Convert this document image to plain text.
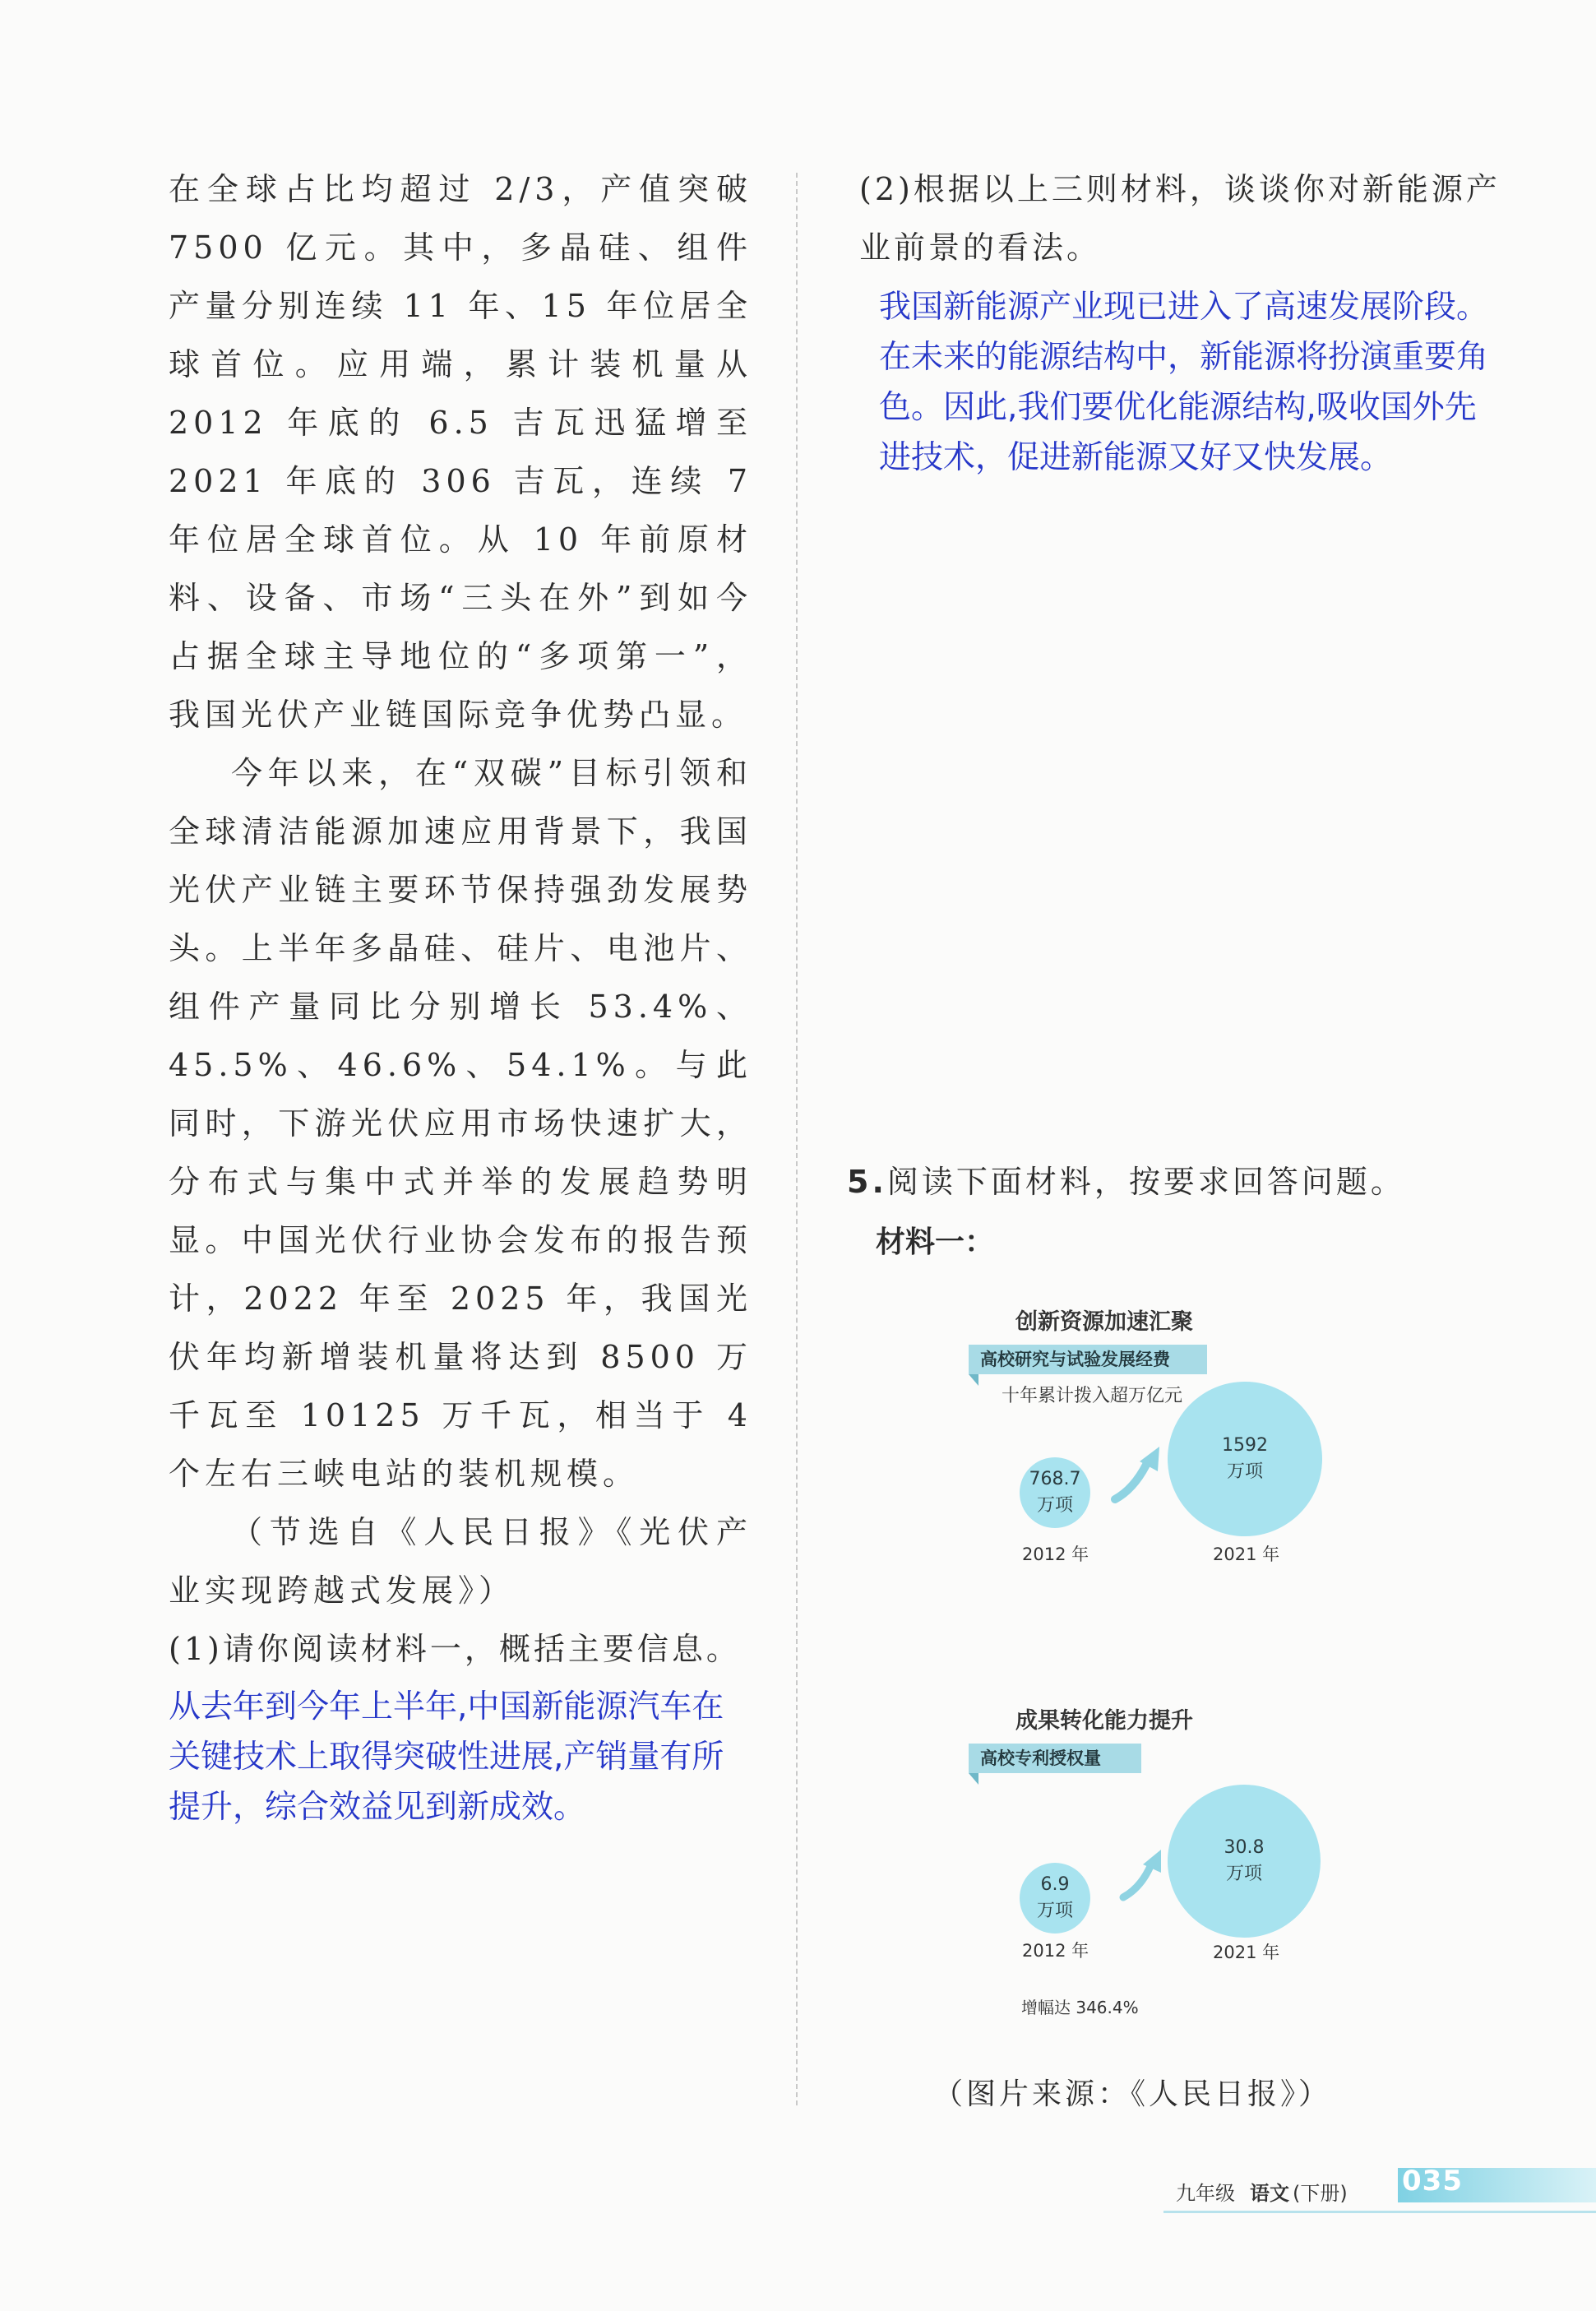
在全球占比均超过 2/3，产值突破 7500 亿元。其中，多晶硅、组件产量分别连续 11 年、15 年位居全球首位。应用端，累计装机量从 2012 年底的 6.5 吉瓦迅猛增至 2021 年底的 306 吉瓦，连续 7 年位居全球首位。从 10 年前原材料、设备、市场“三头在外”到如今占据全球主导地位的“多项第一”，我国光伏产业链国际竞争优势凸显。

今年以来，在“双碳”目标引领和全球清洁能源加速应用背景下，我国光伏产业链主要环节保持强劲发展势头。上半年多晶硅、硅片、电池片、组件产量同比分别增长 53.4%、45.5%、46.6%、54.1%。与此同时，下游光伏应用市场快速扩大，分布式与集中式并举的发展趋势明显。中国光伏行业协会发布的报告预计，2022 年至 2025 年，我国光伏年均新增装机量将达到 8500 万千瓦至 10125 万千瓦，相当于 4 个左右三峡电站的装机规模。

（节选自《人民日报》《光伏产业实现跨越式发展》）

(1)请你阅读材料一，概括主要信息。

从去年到今年上半年,中国新能源汽车在关键技术上取得突破性进展,产销量有所提升，综合效益见到新成效。

(2)根据以上三则材料，谈谈你对新能源产业前景的看法。

我国新能源产业现已进入了高速发展阶段。在未来的能源结构中，新能源将扮演重要角色。因此,我们要优化能源结构,吸收国外先进技术，促进新能源又好又快发展。

5.阅读下面材料，按要求回答问题。
材料一：
创新资源加速汇聚
高校研究与试验发展经费
十年累计拨入超万亿元
768.7
万项
2012 年
1592
万项
2021 年
成果转化能力提升
高校专利授权量
6.9
万项
2012 年
30.8
万项
2021 年
增幅达 346.4%
（图片来源：《人民日报》）
九年级 语文 (下册) 035
